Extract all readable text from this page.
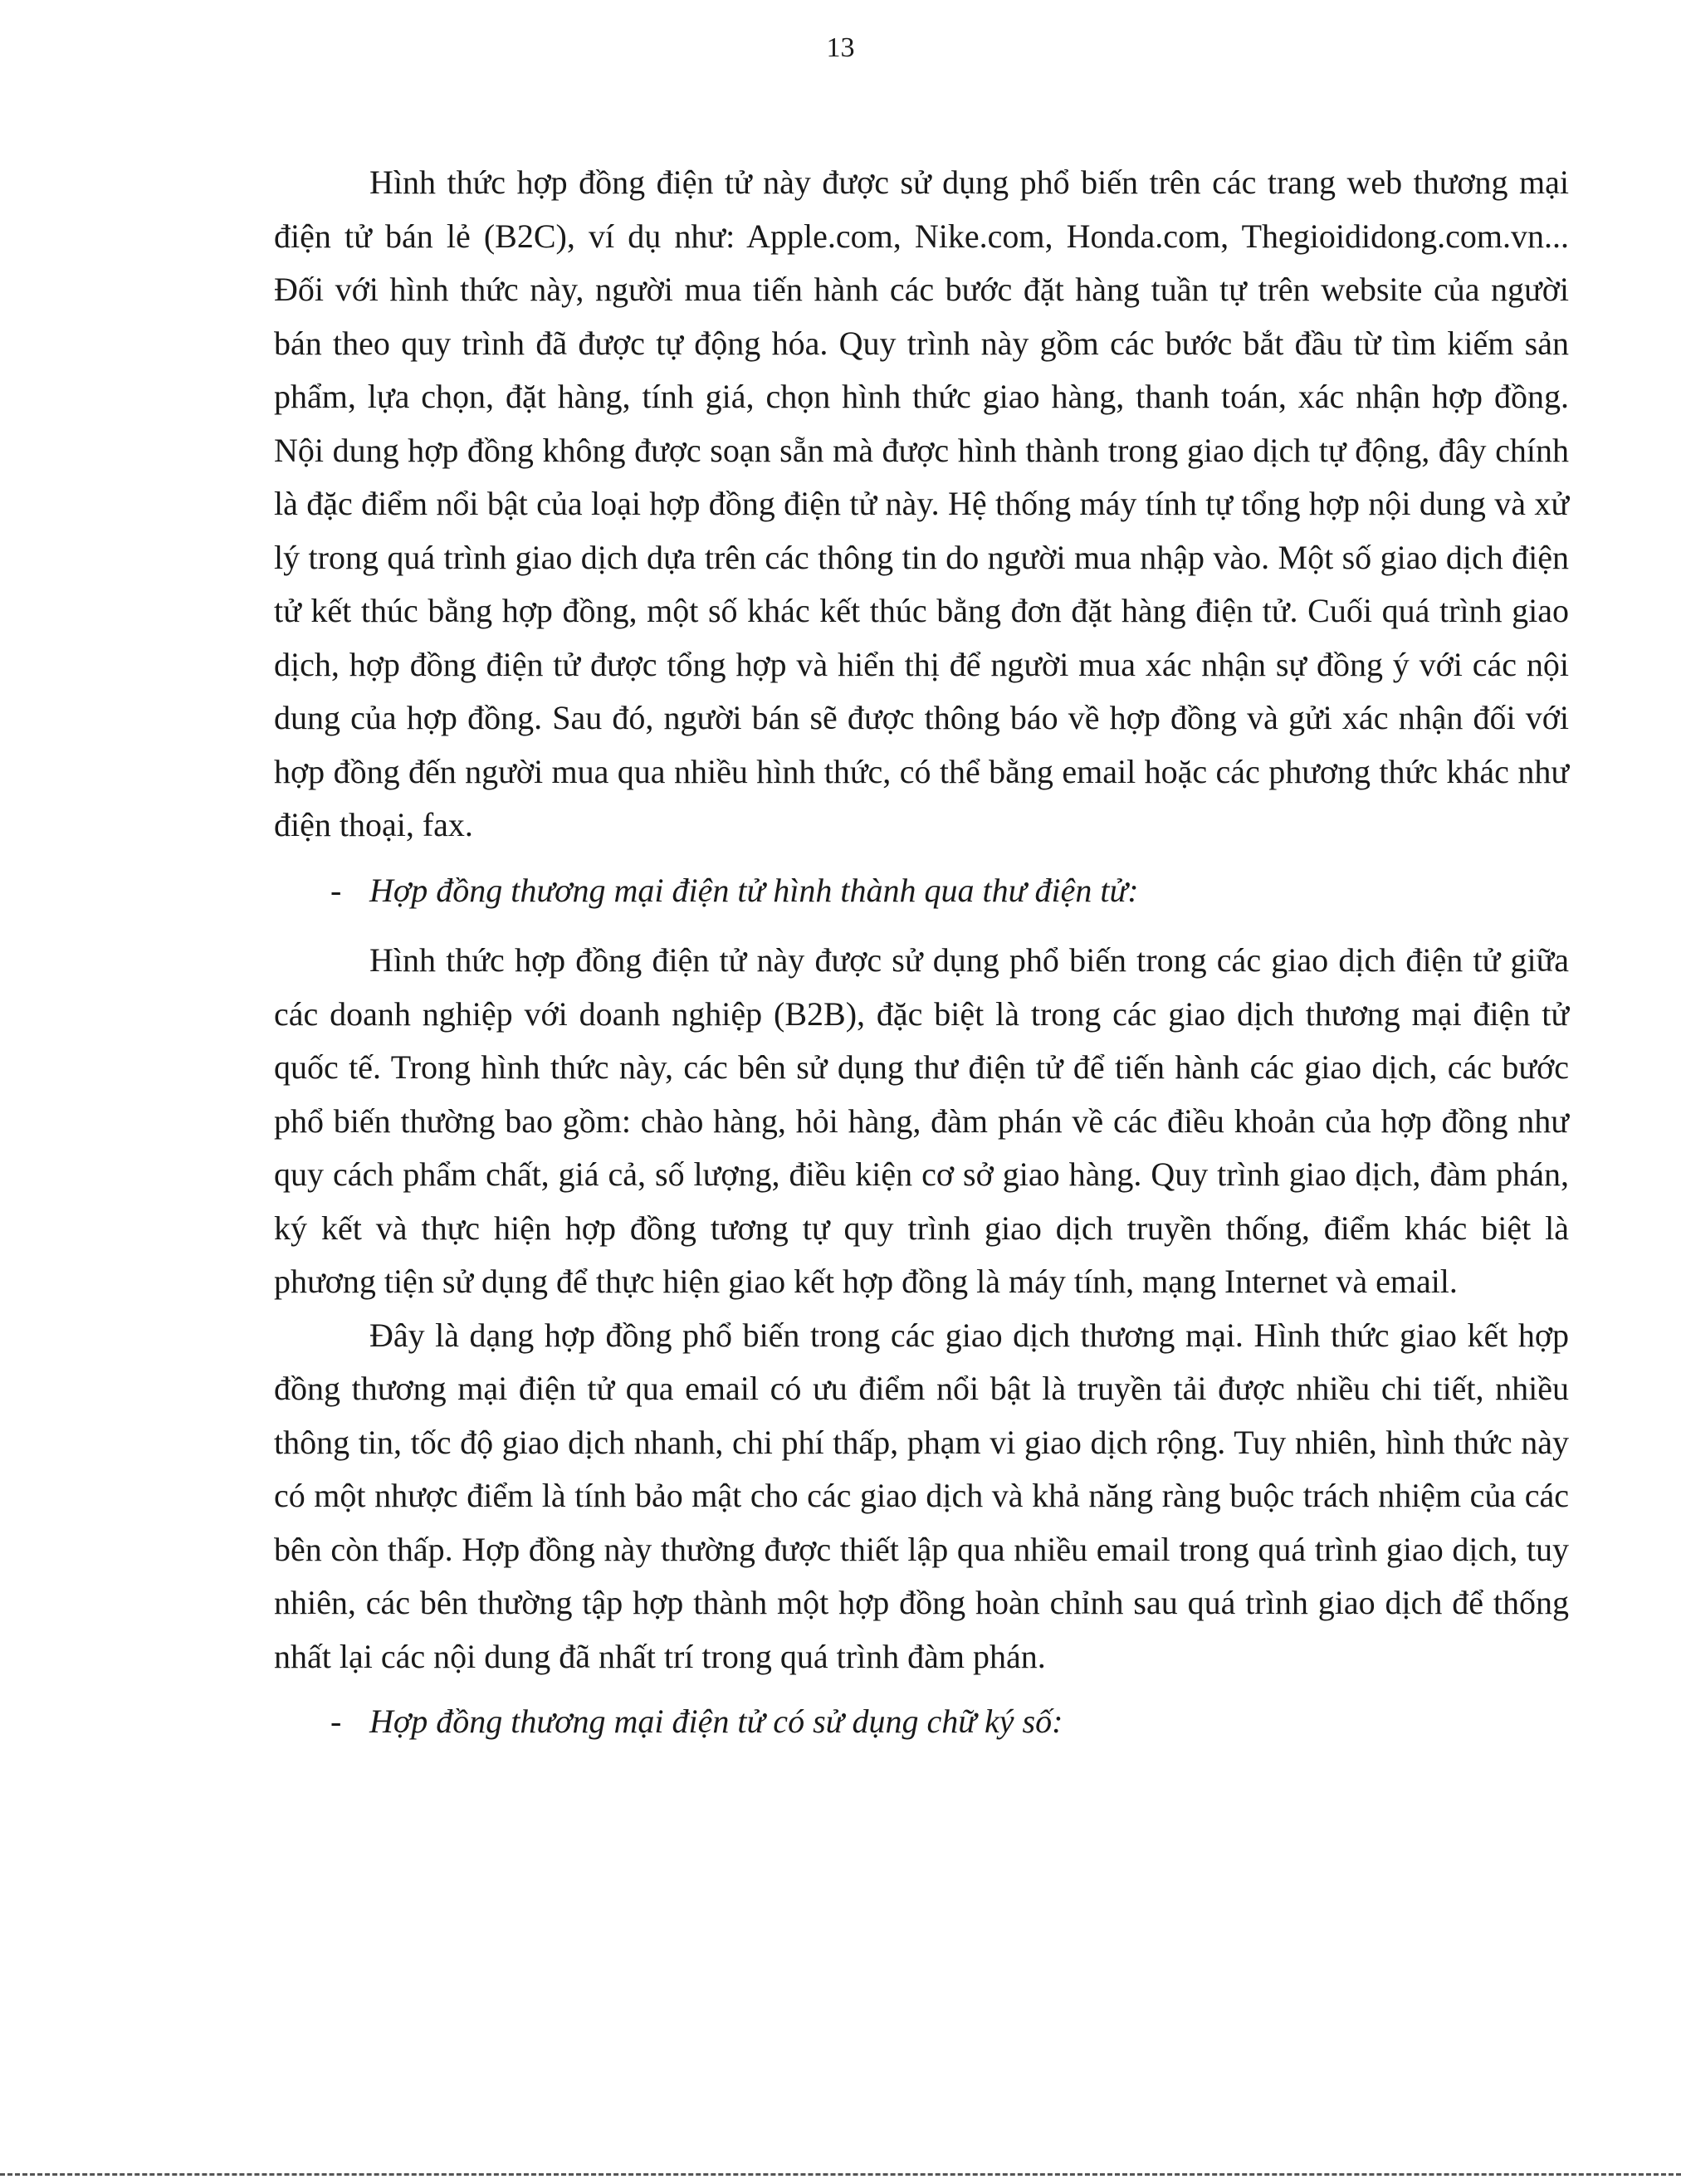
13

Hình thức hợp đồng điện tử này được sử dụng phổ biến trên các trang web thương mại điện tử bán lẻ (B2C), ví dụ như: Apple.com, Nike.com, Honda.com, Thegioididong.com.vn... Đối với hình thức này, người mua tiến hành các bước đặt hàng tuần tự trên website của người bán theo quy trình đã được tự động hóa. Quy trình này gồm các bước bắt đầu từ tìm kiếm sản phẩm, lựa chọn, đặt hàng, tính giá, chọn hình thức giao hàng, thanh toán, xác nhận hợp đồng. Nội dung hợp đồng không được soạn sẵn mà được hình thành trong giao dịch tự động, đây chính là đặc điểm nổi bật của loại hợp đồng điện tử này. Hệ thống máy tính tự tổng hợp nội dung và xử lý trong quá trình giao dịch dựa trên các thông tin do người mua nhập vào. Một số giao dịch điện tử kết thúc bằng hợp đồng, một số khác kết thúc bằng đơn đặt hàng điện tử. Cuối quá trình giao dịch, hợp đồng điện tử được tổng hợp và hiển thị để người mua xác nhận sự đồng ý với các nội dung của hợp đồng. Sau đó, người bán sẽ được thông báo về hợp đồng và gửi xác nhận đối với hợp đồng đến người mua qua nhiều hình thức, có thể bằng email hoặc các phương thức khác như điện thoại, fax.

- Hợp đồng thương mại điện tử hình thành qua thư điện tử:

Hình thức hợp đồng điện tử này được sử dụng phổ biến trong các giao dịch điện tử giữa các doanh nghiệp với doanh nghiệp (B2B), đặc biệt là trong các giao dịch thương mại điện tử quốc tế. Trong hình thức này, các bên sử dụng thư điện tử để tiến hành các giao dịch, các bước phổ biến thường bao gồm: chào hàng, hỏi hàng, đàm phán về các điều khoản của hợp đồng như quy cách phẩm chất, giá cả, số lượng, điều kiện cơ sở giao hàng. Quy trình giao dịch, đàm phán, ký kết và thực hiện hợp đồng tương tự quy trình giao dịch truyền thống, điểm khác biệt là phương tiện sử dụng để thực hiện giao kết hợp đồng là máy tính, mạng Internet và email.

Đây là dạng hợp đồng phổ biến trong các giao dịch thương mại. Hình thức giao kết hợp đồng thương mại điện tử qua email có ưu điểm nổi bật là truyền tải được nhiều chi tiết, nhiều thông tin, tốc độ giao dịch nhanh, chi phí thấp, phạm vi giao dịch rộng. Tuy nhiên, hình thức này có một nhược điểm là tính bảo mật cho các giao dịch và khả năng ràng buộc trách nhiệm của các bên còn thấp. Hợp đồng này thường được thiết lập qua nhiều email trong quá trình giao dịch, tuy nhiên, các bên thường tập hợp thành một hợp đồng hoàn chỉnh sau quá trình giao dịch để thống nhất lại các nội dung đã nhất trí trong quá trình đàm phán.

- Hợp đồng thương mại điện tử có sử dụng chữ ký số:
